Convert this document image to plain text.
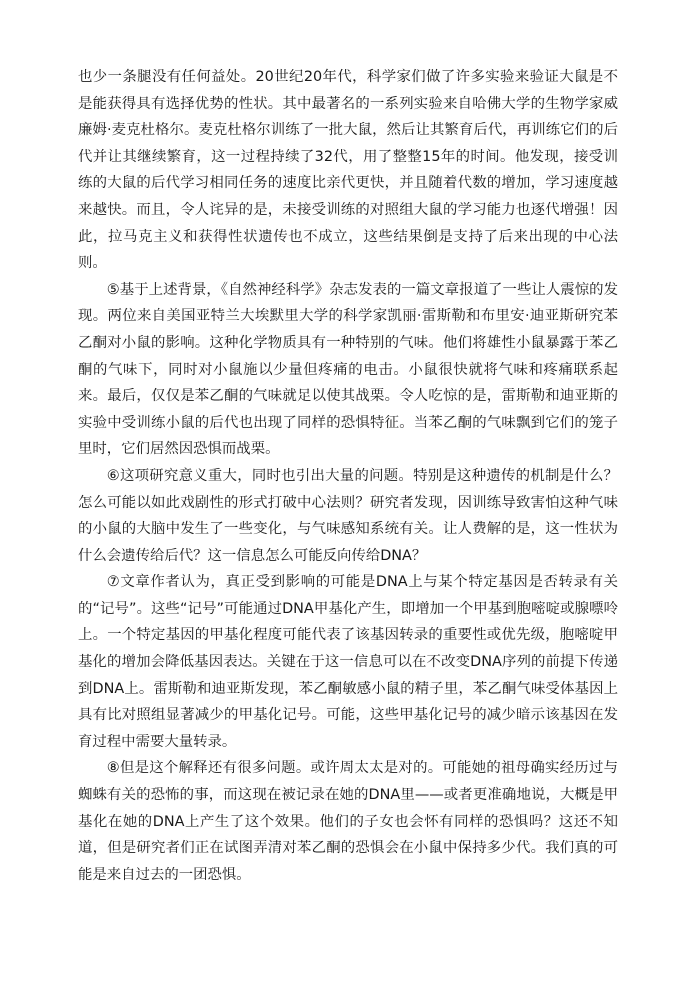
也少一条腿没有任何益处。20世纪20年代，科学家们做了许多实验来验证大鼠是不是能获得具有选择优势的性状。其中最著名的一系列实验来自哈佛大学的生物学家威廉姆·麦克杜格尔。麦克杜格尔训练了一批大鼠，然后让其繁育后代，再训练它们的后代并让其继续繁育，这一过程持续了32代，用了整整15年的时间。他发现，接受训练的大鼠的后代学习相同任务的速度比亲代更快，并且随着代数的增加，学习速度越来越快。而且，令人诧异的是，未接受训练的对照组大鼠的学习能力也逐代增强！因此，拉马克主义和获得性状遗传也不成立，这些结果倒是支持了后来出现的中心法则。

⑤基于上述背景，《自然神经科学》杂志发表的一篇文章报道了一些让人震惊的发现。两位来自美国亚特兰大埃默里大学的科学家凯丽·雷斯勒和布里安·迪亚斯研究苯乙酮对小鼠的影响。这种化学物质具有一种特别的气味。他们将雄性小鼠暴露于苯乙酮的气味下，同时对小鼠施以少量但疼痛的电击。小鼠很快就将气味和疼痛联系起来。最后，仅仅是苯乙酮的气味就足以使其战栗。令人吃惊的是，雷斯勒和迪亚斯的实验中受训练小鼠的后代也出现了同样的恐惧特征。当苯乙酮的气味飘到它们的笼子里时，它们居然因恐惧而战栗。

⑥这项研究意义重大，同时也引出大量的问题。特别是这种遗传的机制是什么？怎么可能以如此戏剧性的形式打破中心法则？研究者发现，因训练导致害怕这种气味的小鼠的大脑中发生了一些变化，与气味感知系统有关。让人费解的是，这一性状为什么会遗传给后代？这一信息怎么可能反向传给DNA？

⑦文章作者认为，真正受到影响的可能是DNA上与某个特定基因是否转录有关的“记号”。这些“记号”可能通过DNA甲基化产生，即增加一个甲基到胞嘧啶或腺嘌呤上。一个特定基因的甲基化程度可能代表了该基因转录的重要性或优先级，胞嘧啶甲基化的增加会降低基因表达。关键在于这一信息可以在不改变DNA序列的前提下传递到DNA上。雷斯勒和迪亚斯发现，苯乙酮敏感小鼠的精子里，苯乙酮气味受体基因上具有比对照组显著减少的甲基化记号。可能，这些甲基化记号的减少暗示该基因在发育过程中需要大量转录。

⑧但是这个解释还有很多问题。或许周太太是对的。可能她的祖母确实经历过与蜘蛛有关的恐怖的事，而这现在被记录在她的DNA里——或者更准确地说，大概是甲基化在她的DNA上产生了这个效果。他们的子女也会怀有同样的恐惧吗？这还不知道，但是研究者们正在试图弄清对苯乙酮的恐惧会在小鼠中保持多少代。我们真的可能是来自过去的一团恐惧。
